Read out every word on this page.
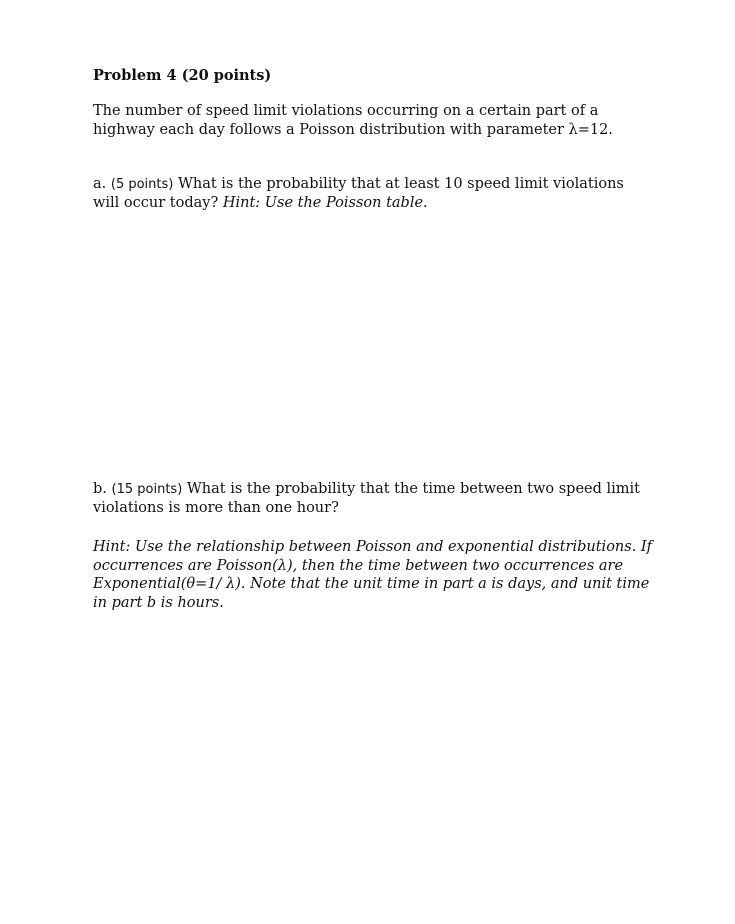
Problem 4 (20 points)

The number of speed limit violations occurring on a certain part of a highway each day follows a Poisson distribution with parameter λ=12.

a. (5 points) What is the probability that at least 10 speed limit violations will occur today? Hint: Use the Poisson table.

b. (15 points) What is the probability that the time between two speed limit violations is more than one hour?

Hint: Use the relationship between Poisson and exponential distributions. If occurrences are Poisson(λ), then the time between two occurrences are Exponential(θ=1/ λ). Note that the unit time in part a is days, and unit time in part b is hours.
